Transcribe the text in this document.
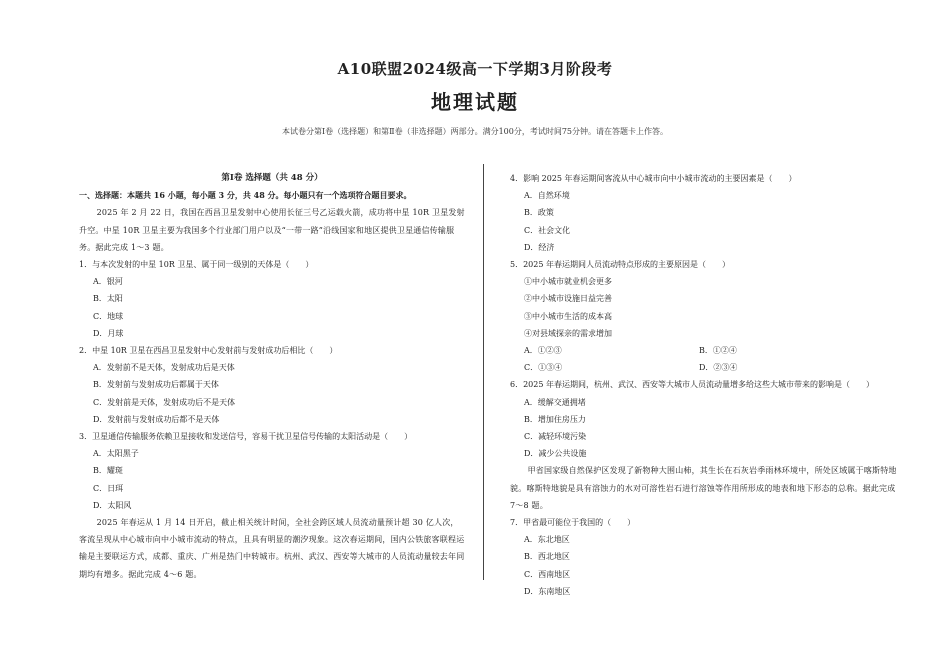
A10联盟2024级高一下学期3月阶段考
地理试题
本试卷分第Ⅰ卷（选择题）和第Ⅱ卷（非选择题）两部分。满分100分，考试时间75分钟。请在答题卡上作答。
第Ⅰ卷 选择题（共 48 分）
一、选择题：本题共 16 小题，每小题 3 分，共 48 分。每小题只有一个选项符合题目要求。
2025 年 2 月 22 日，我国在西昌卫星发射中心使用长征三号乙运载火箭，成功将中星 10R 卫星发射升空。中星 10R 卫星主要为我国多个行业部门用户以及“一带一路”沿线国家和地区提供卫星通信传输服务。据此完成 1～3 题。
1．与本次发射的中星 10R 卫星、属于同一级别的天体是（　　）
A．银河
B．太阳
C．地球
D．月球
2．中星 10R 卫星在西昌卫星发射中心发射前与发射成功后相比（　　）
A．发射前不是天体，发射成功后是天体
B．发射前与发射成功后都属于天体
C．发射前是天体，发射成功后不是天体
D．发射前与发射成功后都不是天体
3．卫星通信传输服务依赖卫星接收和发送信号，容易干扰卫星信号传输的太阳活动是（　　）
A．太阳黑子
B．耀斑
C．日珥
D．太阳风
2025 年春运从 1 月 14 日开启，截止相关统计时间，全社会跨区域人员流动量预计超 30 亿人次，客流呈现从中心城市向中小城市流动的特点，且具有明显的潮汐现象。这次春运期间，国内公铁旅客联程运输是主要联运方式，成都、重庆、广州是热门中转城市。杭州、武汉、西安等大城市的人员流动量较去年同期均有增多。据此完成 4～6 题。
4．影响 2025 年春运期间客流从中心城市向中小城市流动的主要因素是（　　）
A．自然环境
B．政策
C．社会文化
D．经济
5．2025 年春运期间人员流动特点形成的主要原因是（　　）
①中小城市就业机会更多
②中小城市设施日益完善
③中小城市生活的成本高
④对县域探亲的需求增加
A．①②③	B．①②④
C．①③④	D．②③④
6．2025 年春运期间，杭州、武汉、西安等大城市人员流动量增多给这些大城市带来的影响是（　　）
A．缓解交通拥堵
B．增加住房压力
C．减轻环境污染
D．减少公共设施
甲省国家级自然保护区发现了新物种大围山柿，其生长在石灰岩季雨林环境中，所处区域属于喀斯特地貌。喀斯特地貌是具有溶蚀力的水对可溶性岩石进行溶蚀等作用所形成的地表和地下形态的总称。据此完成 7～8 题。
7．甲省最可能位于我国的（　　）
A．东北地区
B．西北地区
C．西南地区
D．东南地区
